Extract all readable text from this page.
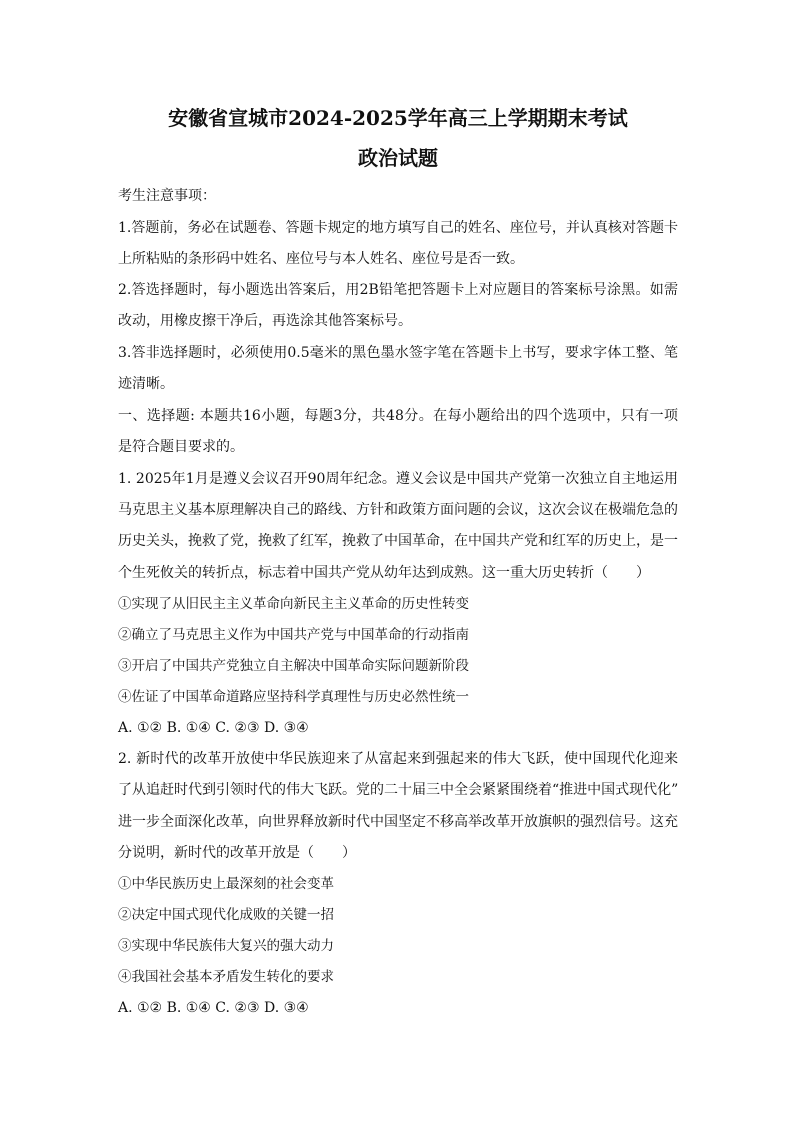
安徽省宣城市2024-2025学年高三上学期期末考试
政治试题
考生注意事项：
1.答题前，务必在试题卷、答题卡规定的地方填写自己的姓名、座位号，并认真核对答题卡
上所粘贴的条形码中姓名、座位号与本人姓名、座位号是否一致。
2.答选择题时，每小题选出答案后，用2B铅笔把答题卡上对应题目的答案标号涂黑。如需
改动，用橡皮擦干净后，再选涂其他答案标号。
3.答非选择题时，必须使用0.5毫米的黑色墨水签字笔在答题卡上书写，要求字体工整、笔
迹清晰。
一、选择题: 本题共16小题，每题3分，共48分。在每小题给出的四个选项中，只有一项
是符合题目要求的。
1. 2025年1月是遵义会议召开90周年纪念。遵义会议是中国共产党第一次独立自主地运用
马克思主义基本原理解决自己的路线、方针和政策方面问题的会议，这次会议在极端危急的
历史关头，挽救了党，挽救了红军，挽救了中国革命，在中国共产党和红军的历史上，是一
个生死攸关的转折点，标志着中国共产党从幼年达到成熟。这一重大历史转折（　　）
①实现了从旧民主主义革命向新民主主义革命的历史性转变
②确立了马克思主义作为中国共产党与中国革命的行动指南
③开启了中国共产党独立自主解决中国革命实际问题新阶段
④佐证了中国革命道路应坚持科学真理性与历史必然性统一
A. ①② B. ①④ C. ②③ D. ③④
2. 新时代的改革开放使中华民族迎来了从富起来到强起来的伟大飞跃，使中国现代化迎来
了从追赶时代到引领时代的伟大飞跃。党的二十届三中全会紧紧围绕着“推进中国式现代化”
进一步全面深化改革，向世界释放新时代中国坚定不移高举改革开放旗帜的强烈信号。这充
分说明，新时代的改革开放是（　　）
①中华民族历史上最深刻的社会变革
②决定中国式现代化成败的关键一招
③实现中华民族伟大复兴的强大动力
④我国社会基本矛盾发生转化的要求
A. ①② B. ①④ C. ②③ D. ③④
